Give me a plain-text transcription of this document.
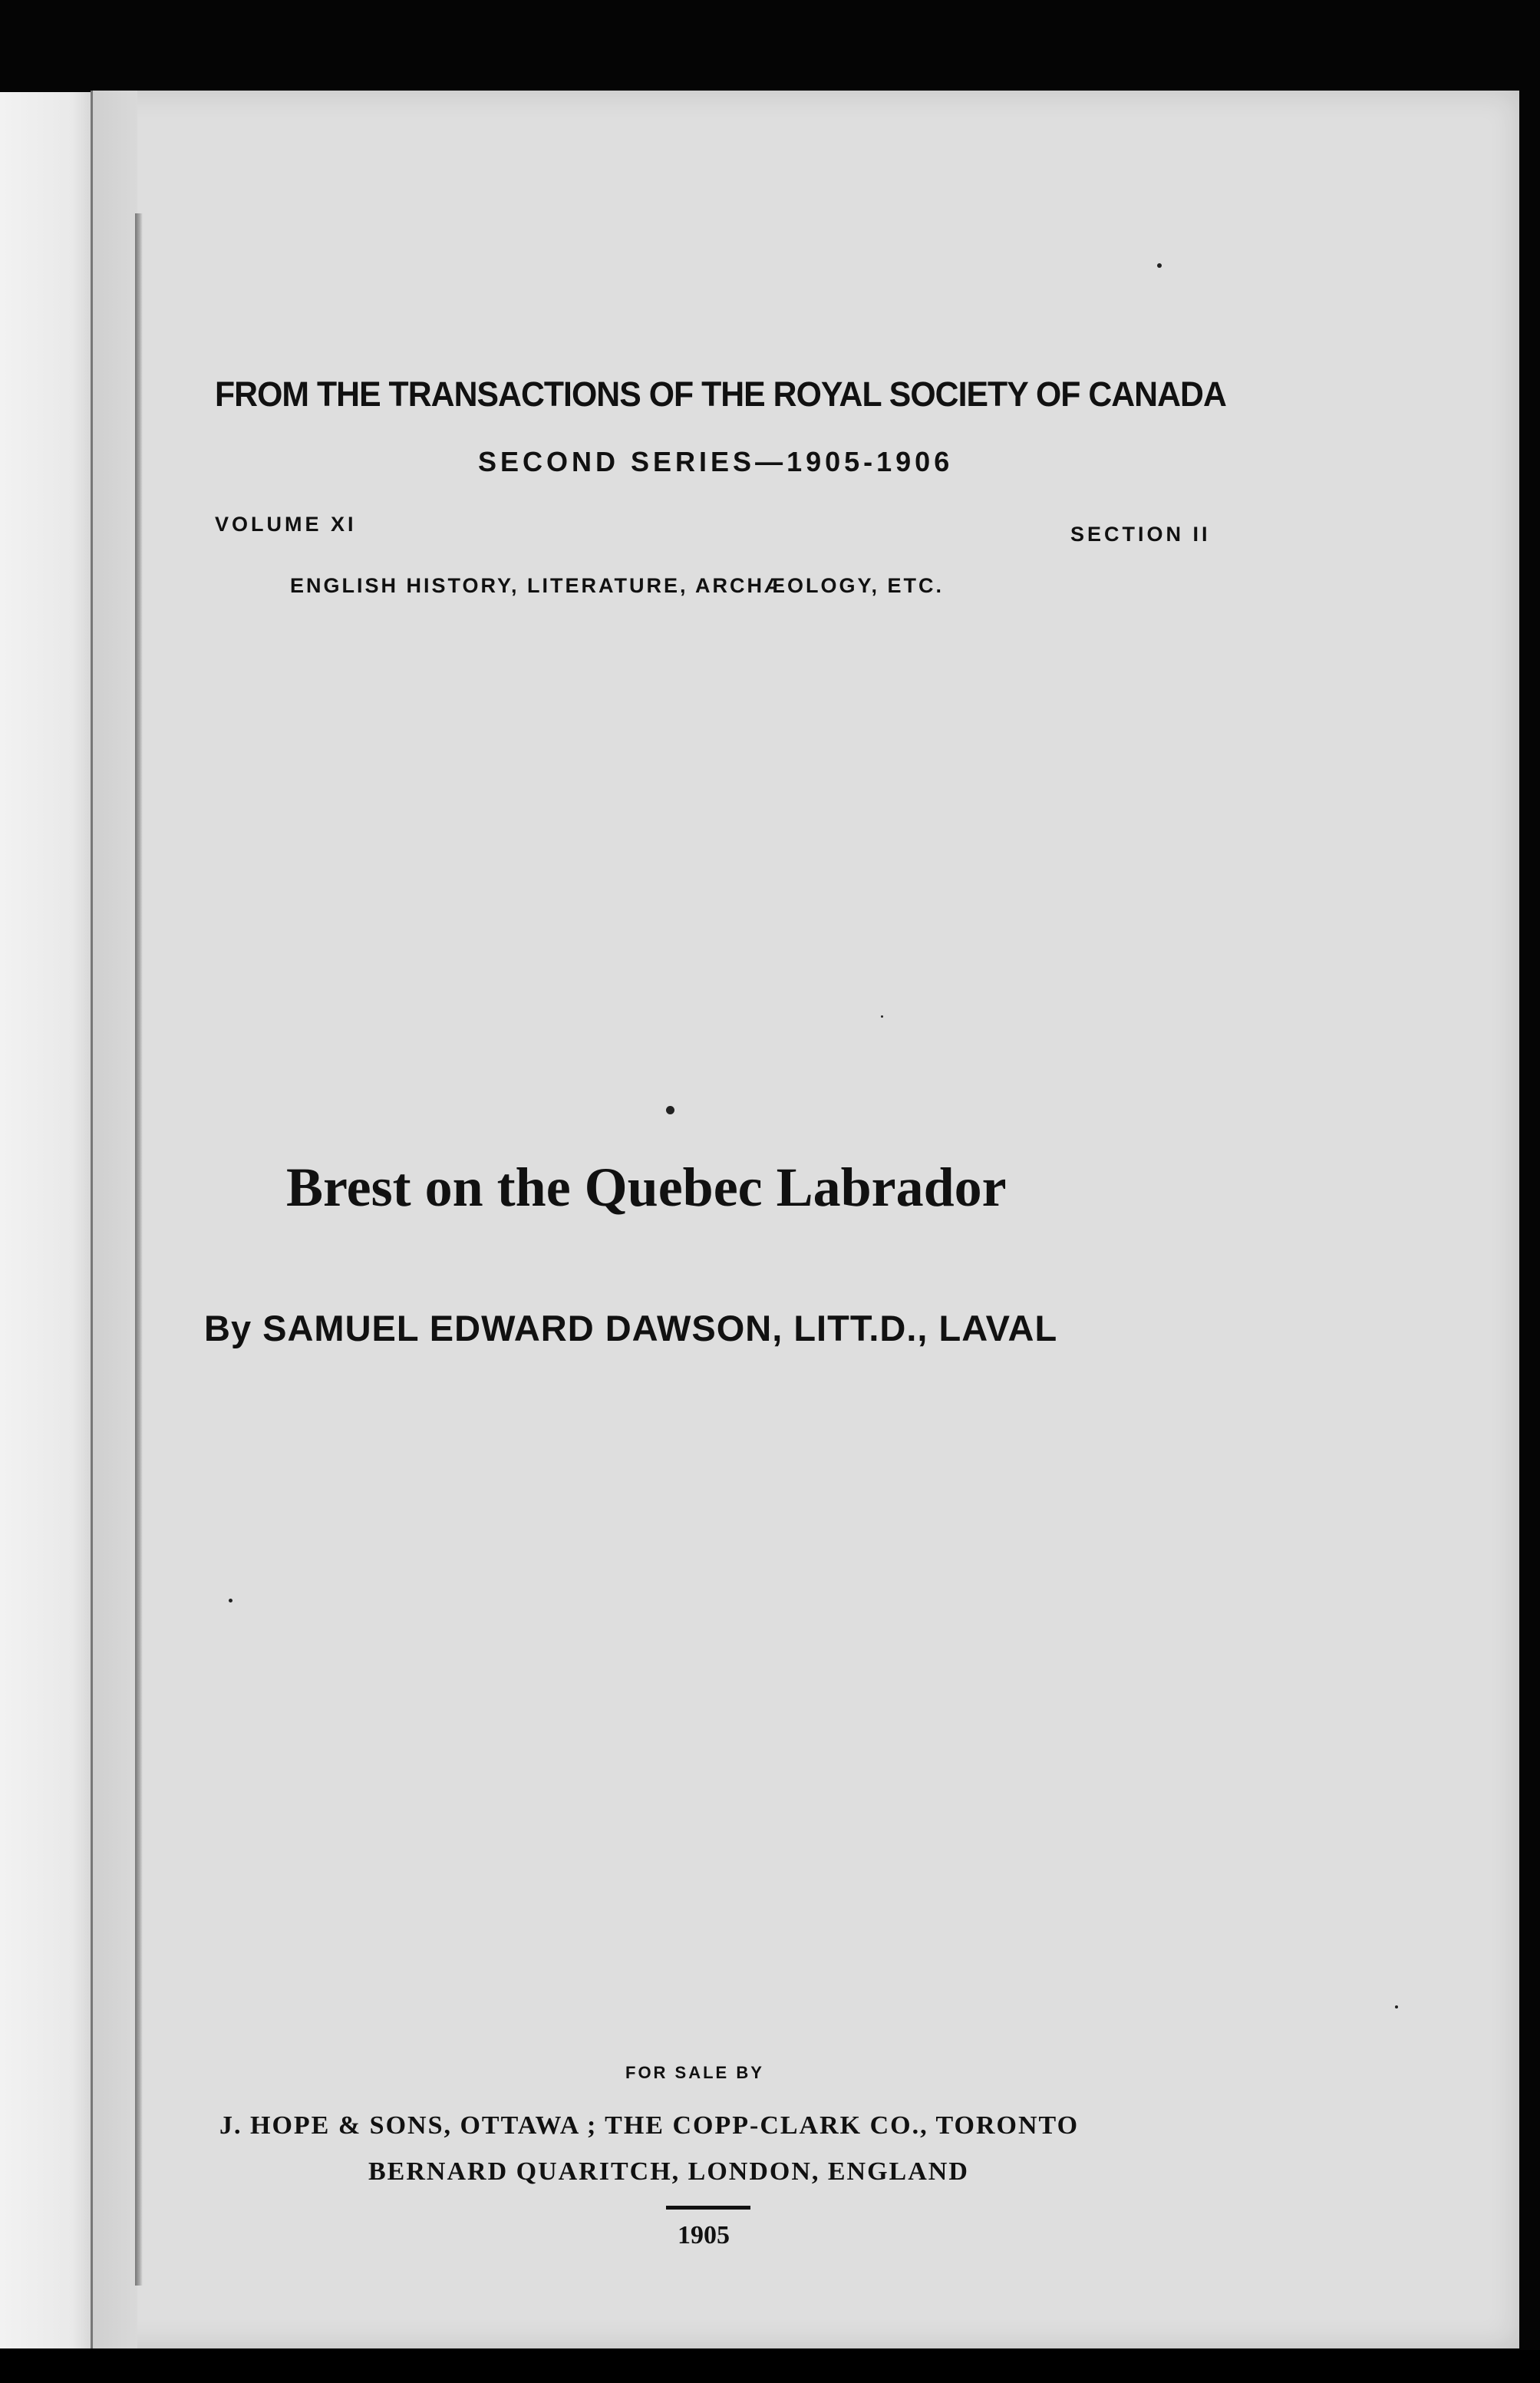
FROM THE TRANSACTIONS OF THE ROYAL SOCIETY OF CANADA
SECOND SERIES—1905-1906
VOLUME XI	SECTION II
ENGLISH HISTORY, LITERATURE, ARCHÆOLOGY, ETC.
Brest on the Quebec Labrador
By SAMUEL EDWARD DAWSON, LITT.D., LAVAL
FOR SALE BY
J. HOPE & SONS, OTTAWA ; THE COPP-CLARK CO., TORONTO
BERNARD QUARITCH, LONDON, ENGLAND
1905
